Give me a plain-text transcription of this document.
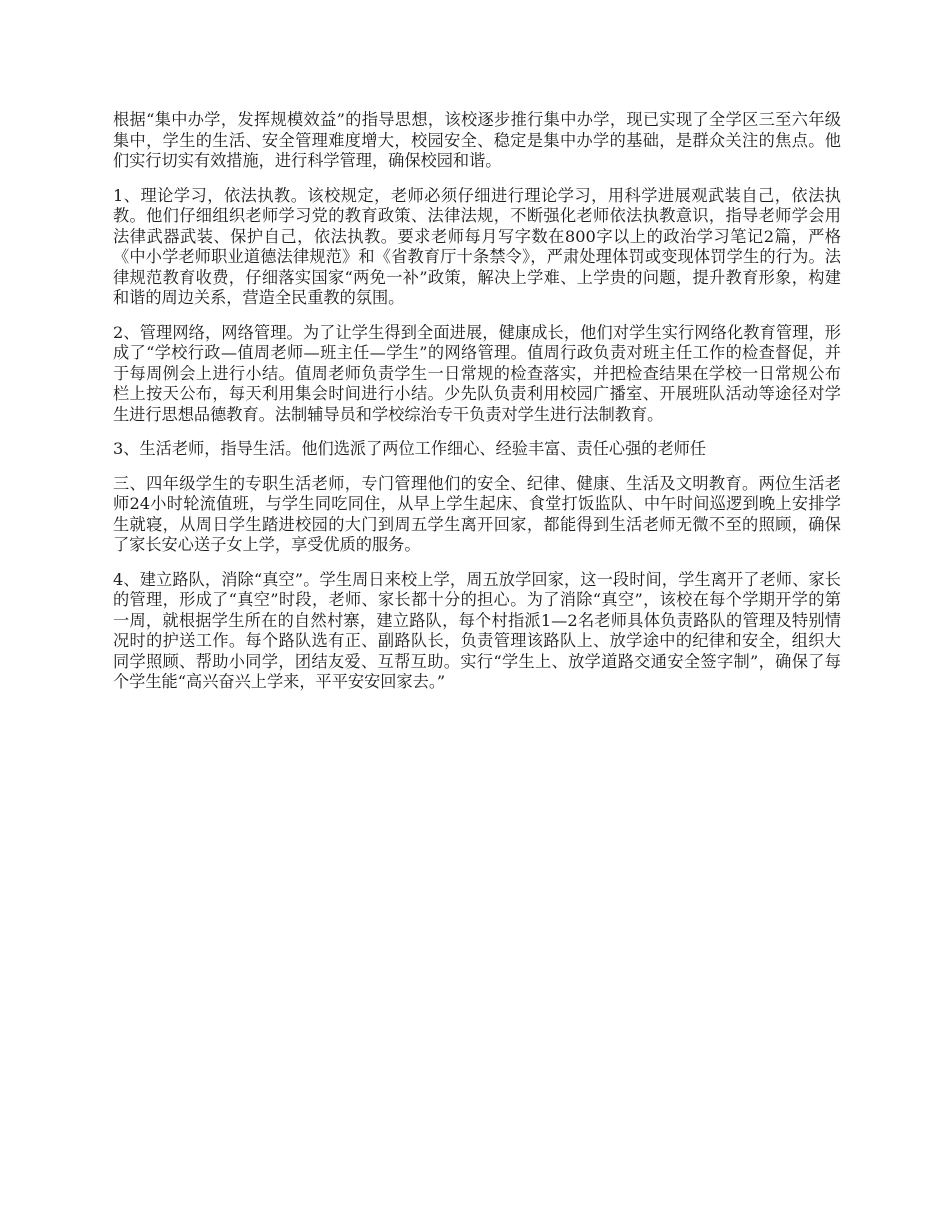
根据“集中办学，发挥规模效益”的指导思想，该校逐步推行集中办学，现已实现了全学区三至六年级集中，学生的生活、安全管理难度增大，校园安全、稳定是集中办学的基础，是群众关注的焦点。他们实行切实有效措施，进行科学管理，确保校园和谐。

1、理论学习，依法执教。该校规定，老师必须仔细进行理论学习，用科学进展观武装自己，依法执教。他们仔细组织老师学习党的教育政策、法律法规，不断强化老师依法执教意识，指导老师学会用法律武器武装、保护自己，依法执教。要求老师每月写字数在800字以上的政治学习笔记2篇，严格《中小学老师职业道德法律规范》和《省教育厅十条禁令》，严肃处理体罚或变现体罚学生的行为。法律规范教育收费，仔细落实国家“两免一补”政策，解决上学难、上学贵的问题，提升教育形象，构建和谐的周边关系，营造全民重教的氛围。

2、管理网络，网络管理。为了让学生得到全面进展，健康成长，他们对学生实行网络化教育管理，形成了“学校行政—值周老师—班主任—学生”的网络管理。值周行政负责对班主任工作的检查督促，并于每周例会上进行小结。值周老师负责学生一日常规的检查落实，并把检查结果在学校一日常规公布栏上按天公布，每天利用集会时间进行小结。少先队负责利用校园广播室、开展班队活动等途径对学生进行思想品德教育。法制辅导员和学校综治专干负责对学生进行法制教育。

3、生活老师，指导生活。他们选派了两位工作细心、经验丰富、责任心强的老师任

三、四年级学生的专职生活老师，专门管理他们的安全、纪律、健康、生活及文明教育。两位生活老师24小时轮流值班，与学生同吃同住，从早上学生起床、食堂打饭监队、中午时间巡逻到晚上安排学生就寝，从周日学生踏进校园的大门到周五学生离开回家，都能得到生活老师无微不至的照顾，确保了家长安心送子女上学，享受优质的服务。

4、建立路队，消除“真空”。学生周日来校上学，周五放学回家，这一段时间，学生离开了老师、家长的管理，形成了“真空”时段，老师、家长都十分的担心。为了消除“真空”，该校在每个学期开学的第一周，就根据学生所在的自然村寨，建立路队，每个村指派1—2名老师具体负责路队的管理及特别情况时的护送工作。每个路队选有正、副路队长，负责管理该路队上、放学途中的纪律和安全，组织大同学照顾、帮助小同学，团结友爱、互帮互助。实行“学生上、放学道路交通安全签字制”，确保了每个学生能“高兴奋兴上学来，平平安安回家去。”
